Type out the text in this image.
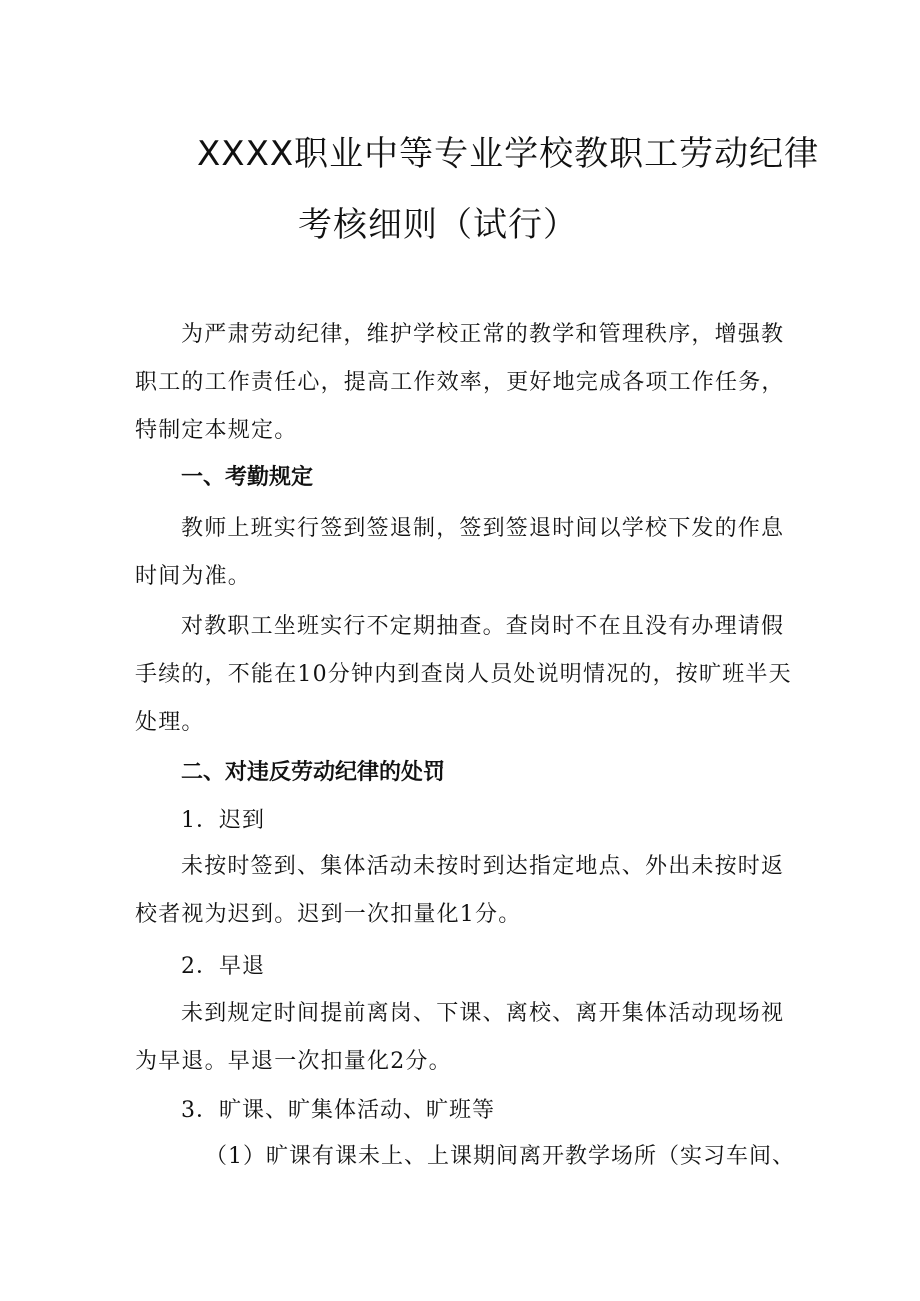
XXXX职业中等专业学校教职工劳动纪律
考核细则（试行）
为严肃劳动纪律，维护学校正常的教学和管理秩序，增强教职工的工作责任心，提高工作效率，更好地完成各项工作任务，特制定本规定。
一、考勤规定
教师上班实行签到签退制，签到签退时间以学校下发的作息时间为准。
对教职工坐班实行不定期抽查。查岗时不在且没有办理请假手续的，不能在10分钟内到查岗人员处说明情况的，按旷班半天处理。
二、对违反劳动纪律的处罚
1．迟到
未按时签到、集体活动未按时到达指定地点、外出未按时返校者视为迟到。迟到一次扣量化1分。
2．早退
未到规定时间提前离岗、下课、离校、离开集体活动现场视为早退。早退一次扣量化2分。
3．旷课、旷集体活动、旷班等
（1）旷课有课未上、上课期间离开教学场所（实习车间、
